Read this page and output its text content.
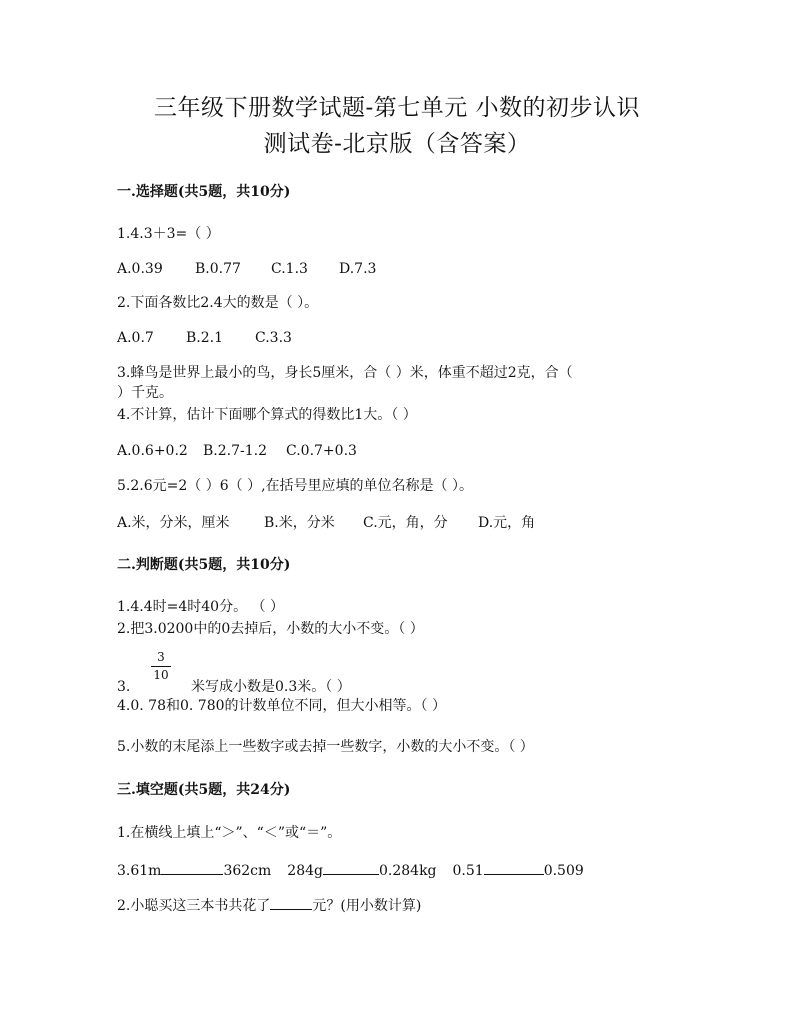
三年级下册数学试题-第七单元 小数的初步认识
测试卷-北京版（含答案）
一.选择题(共5题，共10分)
1.4.3＋3=（ ）
A.0.39 B.0.77 C.1.3 D.7.3
2.下面各数比2.4大的数是（ ）。
A.0.7 B.2.1 C.3.3
3.蜂鸟是世界上最小的鸟，身长5厘米，合（ ）米，体重不超过2克，合（
）千克。
4.不计算，估计下面哪个算式的得数比1大。（ ）
A.0.6+0.2 B.2.7-1.2 C.0.7+0.3
5.2.6元=2（ ）6（ ）,在括号里应填的单位名称是（ ）。
A.米，分米，厘米 B.米，分米 C.元，角，分 D.元，角
二.判断题(共5题，共10分)
1.4.4时=4时40分。 （ ）
2.把3.0200中的0去掉后，小数的大小不变。（ ）
3
10
3.	米写成小数是0.3米。（ ）
4.0. 78和0. 780的计数单位不同，但大小相等。（ ）
5.小数的末尾添上一些数字或去掉一些数字，小数的大小不变。（ ）
三.填空题(共5题，共24分)
1.在横线上填上“＞”、“＜”或“＝”。
3.61m	362cm 284g	0.284kg 0.51	0.509
2.小聪买这三本书共花了	元？(用小数计算)
